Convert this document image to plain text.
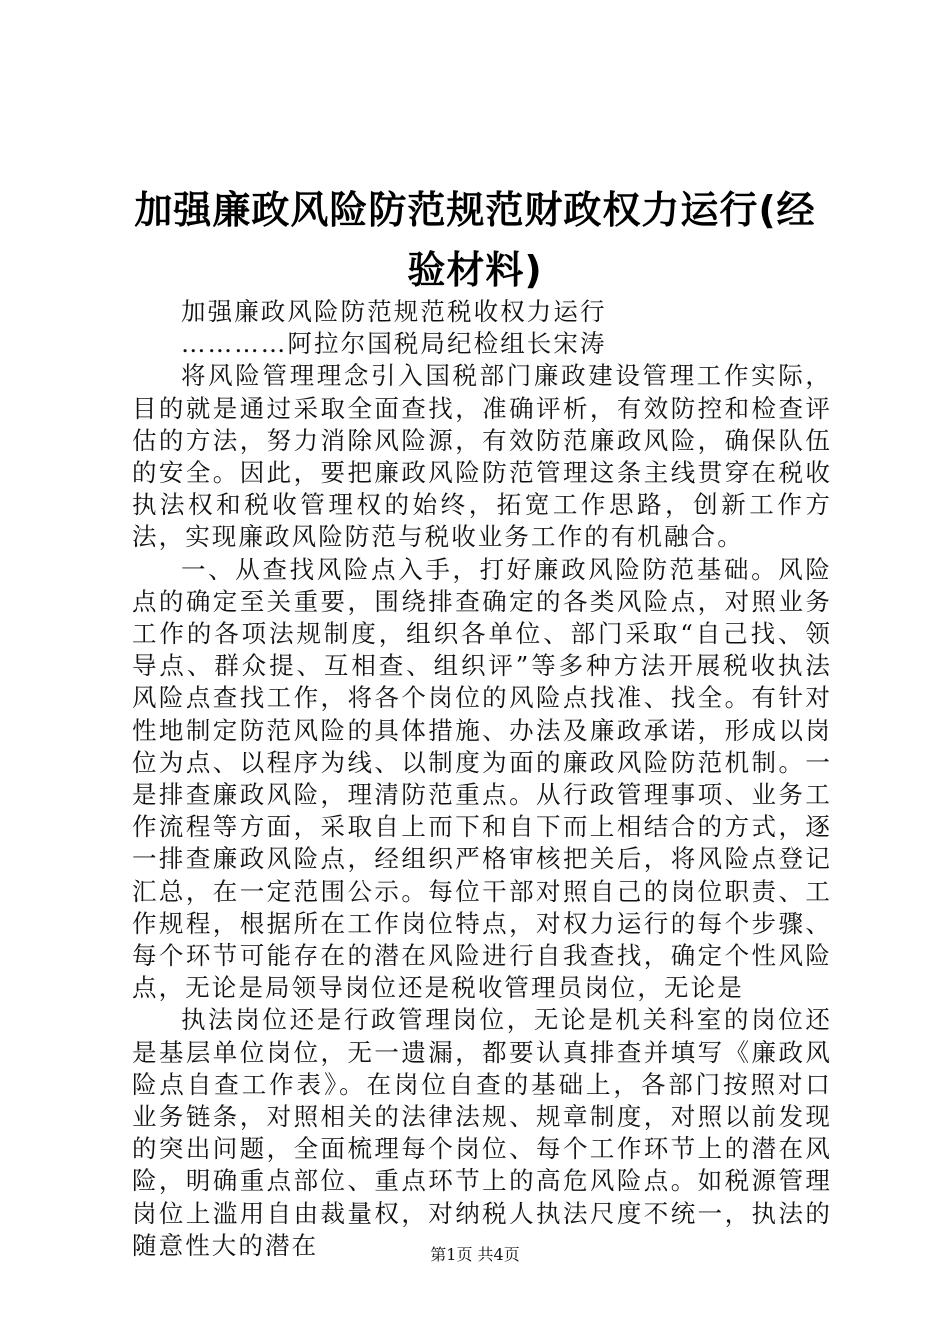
加强廉政风险防范规范财政权力运行(经验材料)

加强廉政风险防范规范税收权力运行

…………阿拉尔国税局纪检组长宋涛

将风险管理理念引入国税部门廉政建设管理工作实际，目的就是通过采取全面查找，准确评析，有效防控和检查评估的方法，努力消除风险源，有效防范廉政风险，确保队伍的安全。因此，要把廉政风险防范管理这条主线贯穿在税收执法权和税收管理权的始终，拓宽工作思路，创新工作方法，实现廉政风险防范与税收业务工作的有机融合。

一、从查找风险点入手，打好廉政风险防范基础。风险点的确定至关重要，围绕排查确定的各类风险点，对照业务工作的各项法规制度，组织各单位、部门采取“自己找、领导点、群众提、互相查、组织评”等多种方法开展税收执法风险点查找工作，将各个岗位的风险点找准、找全。有针对性地制定防范风险的具体措施、办法及廉政承诺，形成以岗位为点、以程序为线、以制度为面的廉政风险防范机制。一是排查廉政风险，理清防范重点。从行政管理事项、业务工作流程等方面，采取自上而下和自下而上相结合的方式，逐一排查廉政风险点，经组织严格审核把关后，将风险点登记汇总，在一定范围公示。每位干部对照自己的岗位职责、工作规程，根据所在工作岗位特点，对权力运行的每个步骤、每个环节可能存在的潜在风险进行自我查找，确定个性风险点，无论是局领导岗位还是税收管理员岗位，无论是

执法岗位还是行政管理岗位，无论是机关科室的岗位还是基层单位岗位，无一遗漏，都要认真排查并填写《廉政风险点自查工作表》。在岗位自查的基础上，各部门按照对口业务链条，对照相关的法律法规、规章制度，对照以前发现的突出问题，全面梳理每个岗位、每个工作环节上的潜在风险，明确重点部位、重点环节上的高危风险点。如税源管理岗位上滥用自由裁量权，对纳税人执法尺度不统一，执法的随意性大的潜在	第1页 共4页
